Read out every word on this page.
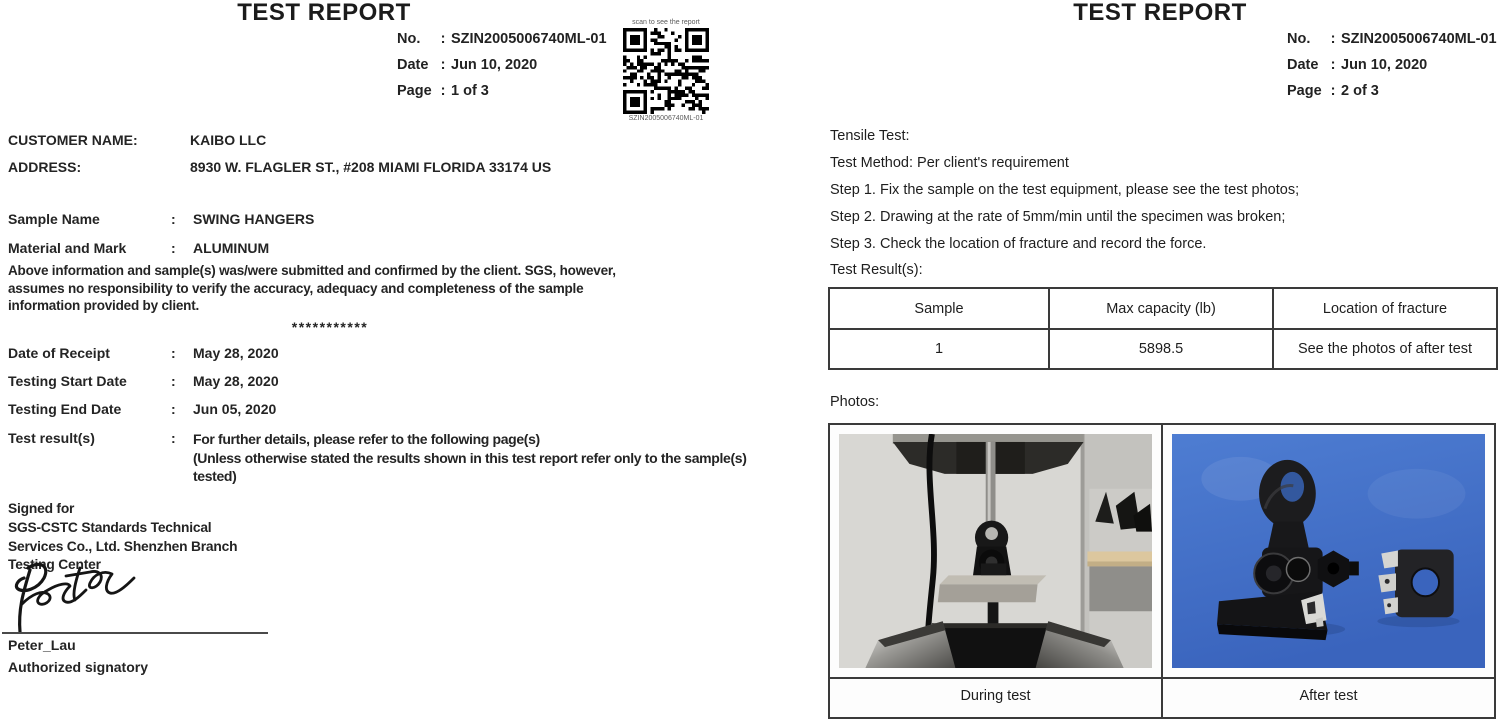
TEST REPORT
No.	: SZIN2005006740ML-01
Date : Jun 10, 2020
Page : 1 of 3
scan to see the report
SZIN2005006740ML-01
CUSTOMER NAME:	KAIBO LLC
ADDRESS:	8930 W. FLAGLER ST., #208 MIAMI FLORIDA 33174 US
Sample Name	:	SWING HANGERS
Material and Mark	:	ALUMINUM
Above information and sample(s) was/were submitted and confirmed by the client. SGS, however, assumes no responsibility to verify the accuracy, adequacy and completeness of the sample information provided by client.
***********
Date of Receipt	:	May 28, 2020
Testing Start Date	:	May 28, 2020
Testing End Date	:	Jun 05, 2020
Test result(s)	:	For further details, please refer to the following page(s)
(Unless otherwise stated the results shown in this test report refer only to the sample(s) tested)
Signed for
SGS-CSTC Standards Technical
Services Co., Ltd. Shenzhen Branch
Testing Center
Peter_Lau
Authorized signatory
TEST REPORT
No.	: SZIN2005006740ML-01
Date : Jun 10, 2020
Page : 2 of 3
Tensile Test:
Test Method: Per client's requirement
Step 1. Fix the sample on the test equipment, please see the test photos;
Step 2. Drawing at the rate of 5mm/min until the specimen was broken;
Step 3. Check the location of fracture and record the force.
Test Result(s):
Sample	Max capacity (lb)	Location of fracture
1	5898.5	See the photos of after test
Photos:
During test	After test
